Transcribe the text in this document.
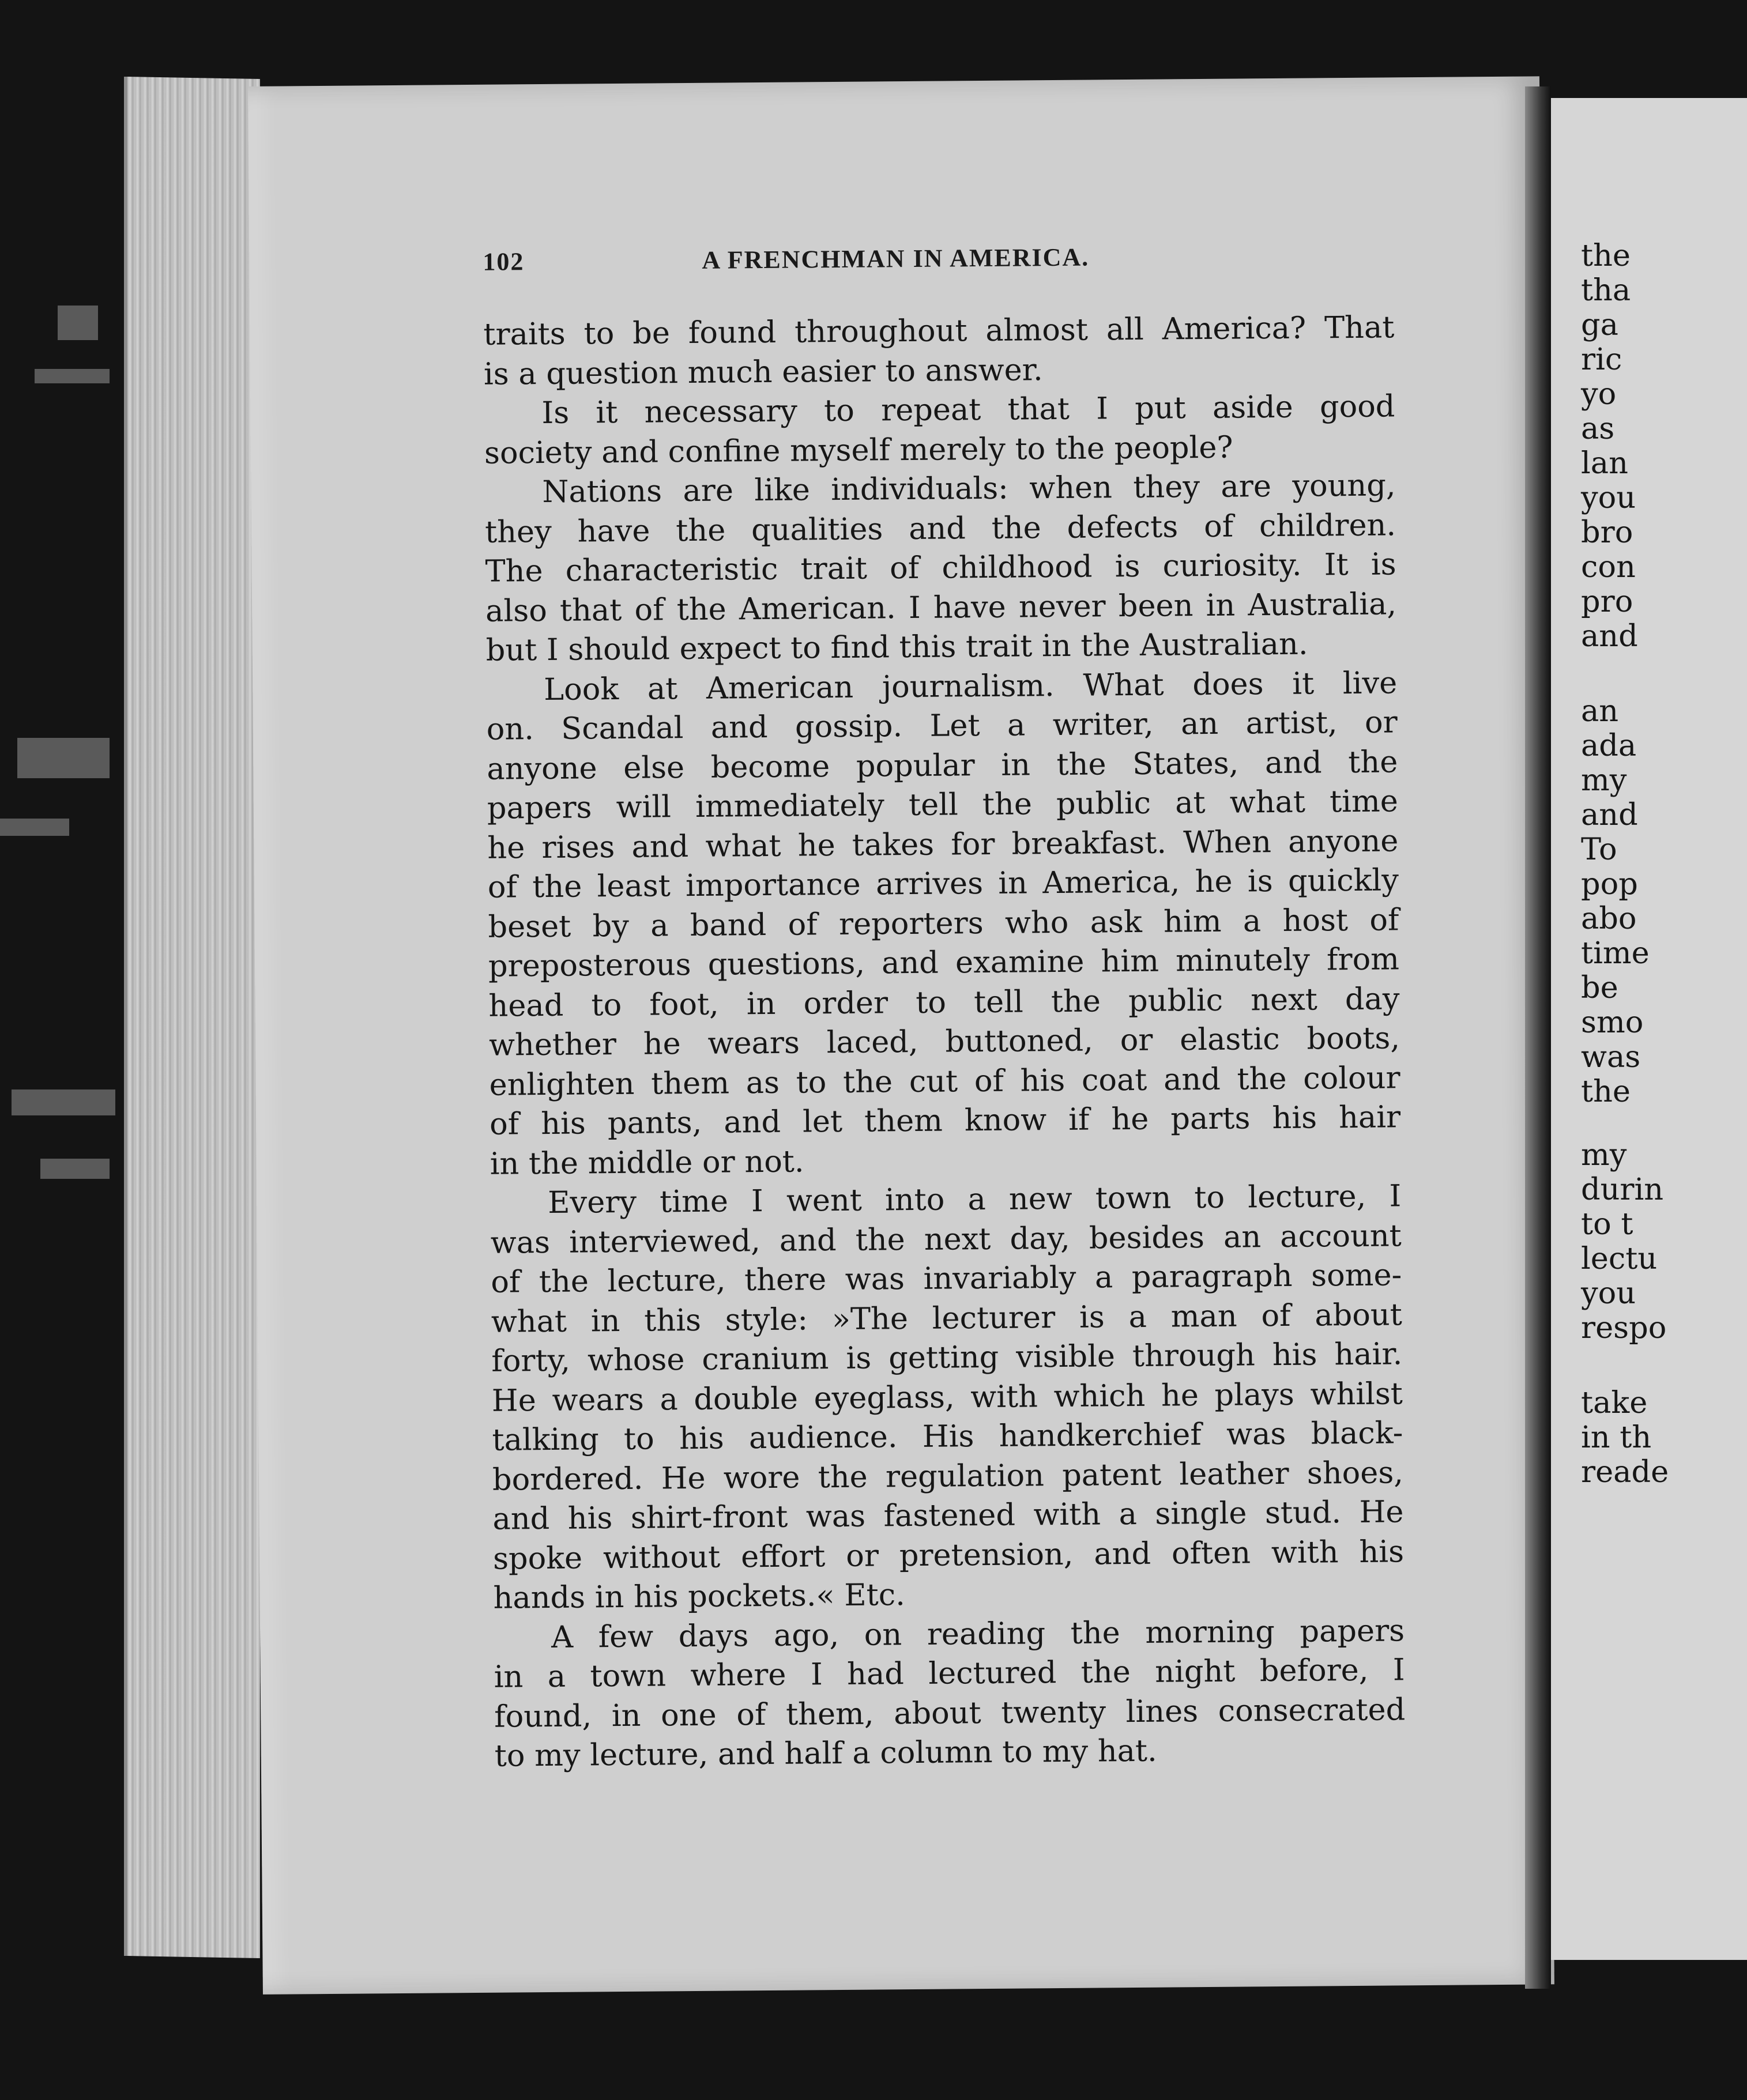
102	A FRENCHMAN IN AMERICA.
traits to be found throughout almost all America? That
is a question much easier to answer.
Is it necessary to repeat that I put aside good
society and confine myself merely to the people?
Nations are like individuals: when they are young,
they have the qualities and the defects of children.
The characteristic trait of childhood is curiosity. It is
also that of the American. I have never been in Australia,
but I should expect to find this trait in the Australian.
Look at American journalism. What does it live
on. Scandal and gossip. Let a writer, an artist, or
anyone else become popular in the States, and the
papers will immediately tell the public at what time
he rises and what he takes for breakfast. When anyone
of the least importance arrives in America, he is quickly
beset by a band of reporters who ask him a host of
preposterous questions, and examine him minutely from
head to foot, in order to tell the public next day
whether he wears laced, buttoned, or elastic boots,
enlighten them as to the cut of his coat and the colour
of his pants, and let them know if he parts his hair
in the middle or not.
Every time I went into a new town to lecture, I
was interviewed, and the next day, besides an account
of the lecture, there was invariably a paragraph some-
what in this style: »The lecturer is a man of about
forty, whose cranium is getting visible through his hair.
He wears a double eyeglass, with which he plays whilst
talking to his audience. His handkerchief was black-
bordered. He wore the regulation patent leather shoes,
and his shirt-front was fastened with a single stud. He
spoke without effort or pretension, and often with his
hands in his pockets.« Etc.
A few days ago, on reading the morning papers
in a town where I had lectured the night before, I
found, in one of them, about twenty lines consecrated
to my lecture, and half a column to my hat.
the
tha
ga
ric
yo
as
lan
you
bro
con
pro
and
an
ada
my
and
To
pop
abo
time
be
smo
was
the
my
durin
to t
lectu
you
respo
take
in th
reade
